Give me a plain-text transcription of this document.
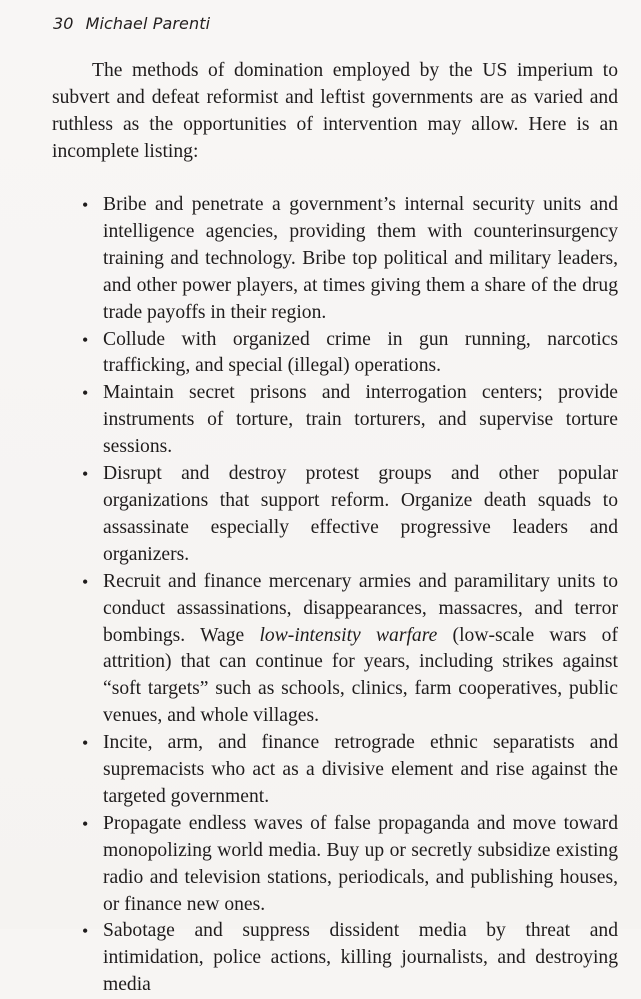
30 Michael Parenti

The methods of domination employed by the US imperium to subvert and defeat reformist and leftist governments are as varied and ruthless as the opportunities of intervention may allow. Here is an incomplete listing:

• Bribe and penetrate a government’s internal security units and intelligence agencies, providing them with counterinsurgency training and technology. Bribe top political and military leaders, and other power players, at times giving them a share of the drug trade payoffs in their region.
• Collude with organized crime in gun running, narcotics trafficking, and special (illegal) operations.
• Maintain secret prisons and interrogation centers; provide instruments of torture, train torturers, and supervise torture sessions.
• Disrupt and destroy protest groups and other popular organizations that support reform. Organize death squads to assassinate especially effective progressive leaders and organizers.
• Recruit and finance mercenary armies and paramilitary units to conduct assassinations, disappearances, massacres, and terror bombings. Wage low-intensity warfare (low-scale wars of attrition) that can continue for years, including strikes against “soft targets” such as schools, clinics, farm cooperatives, public venues, and whole villages.
• Incite, arm, and finance retrograde ethnic separatists and supremacists who act as a divisive element and rise against the targeted government.
• Propagate endless waves of false propaganda and move toward monopolizing world media. Buy up or secretly subsidize existing radio and television stations, periodicals, and publishing houses, or finance new ones.
• Sabotage and suppress dissident media by threat and intimidation, police actions, killing journalists, and destroying media
